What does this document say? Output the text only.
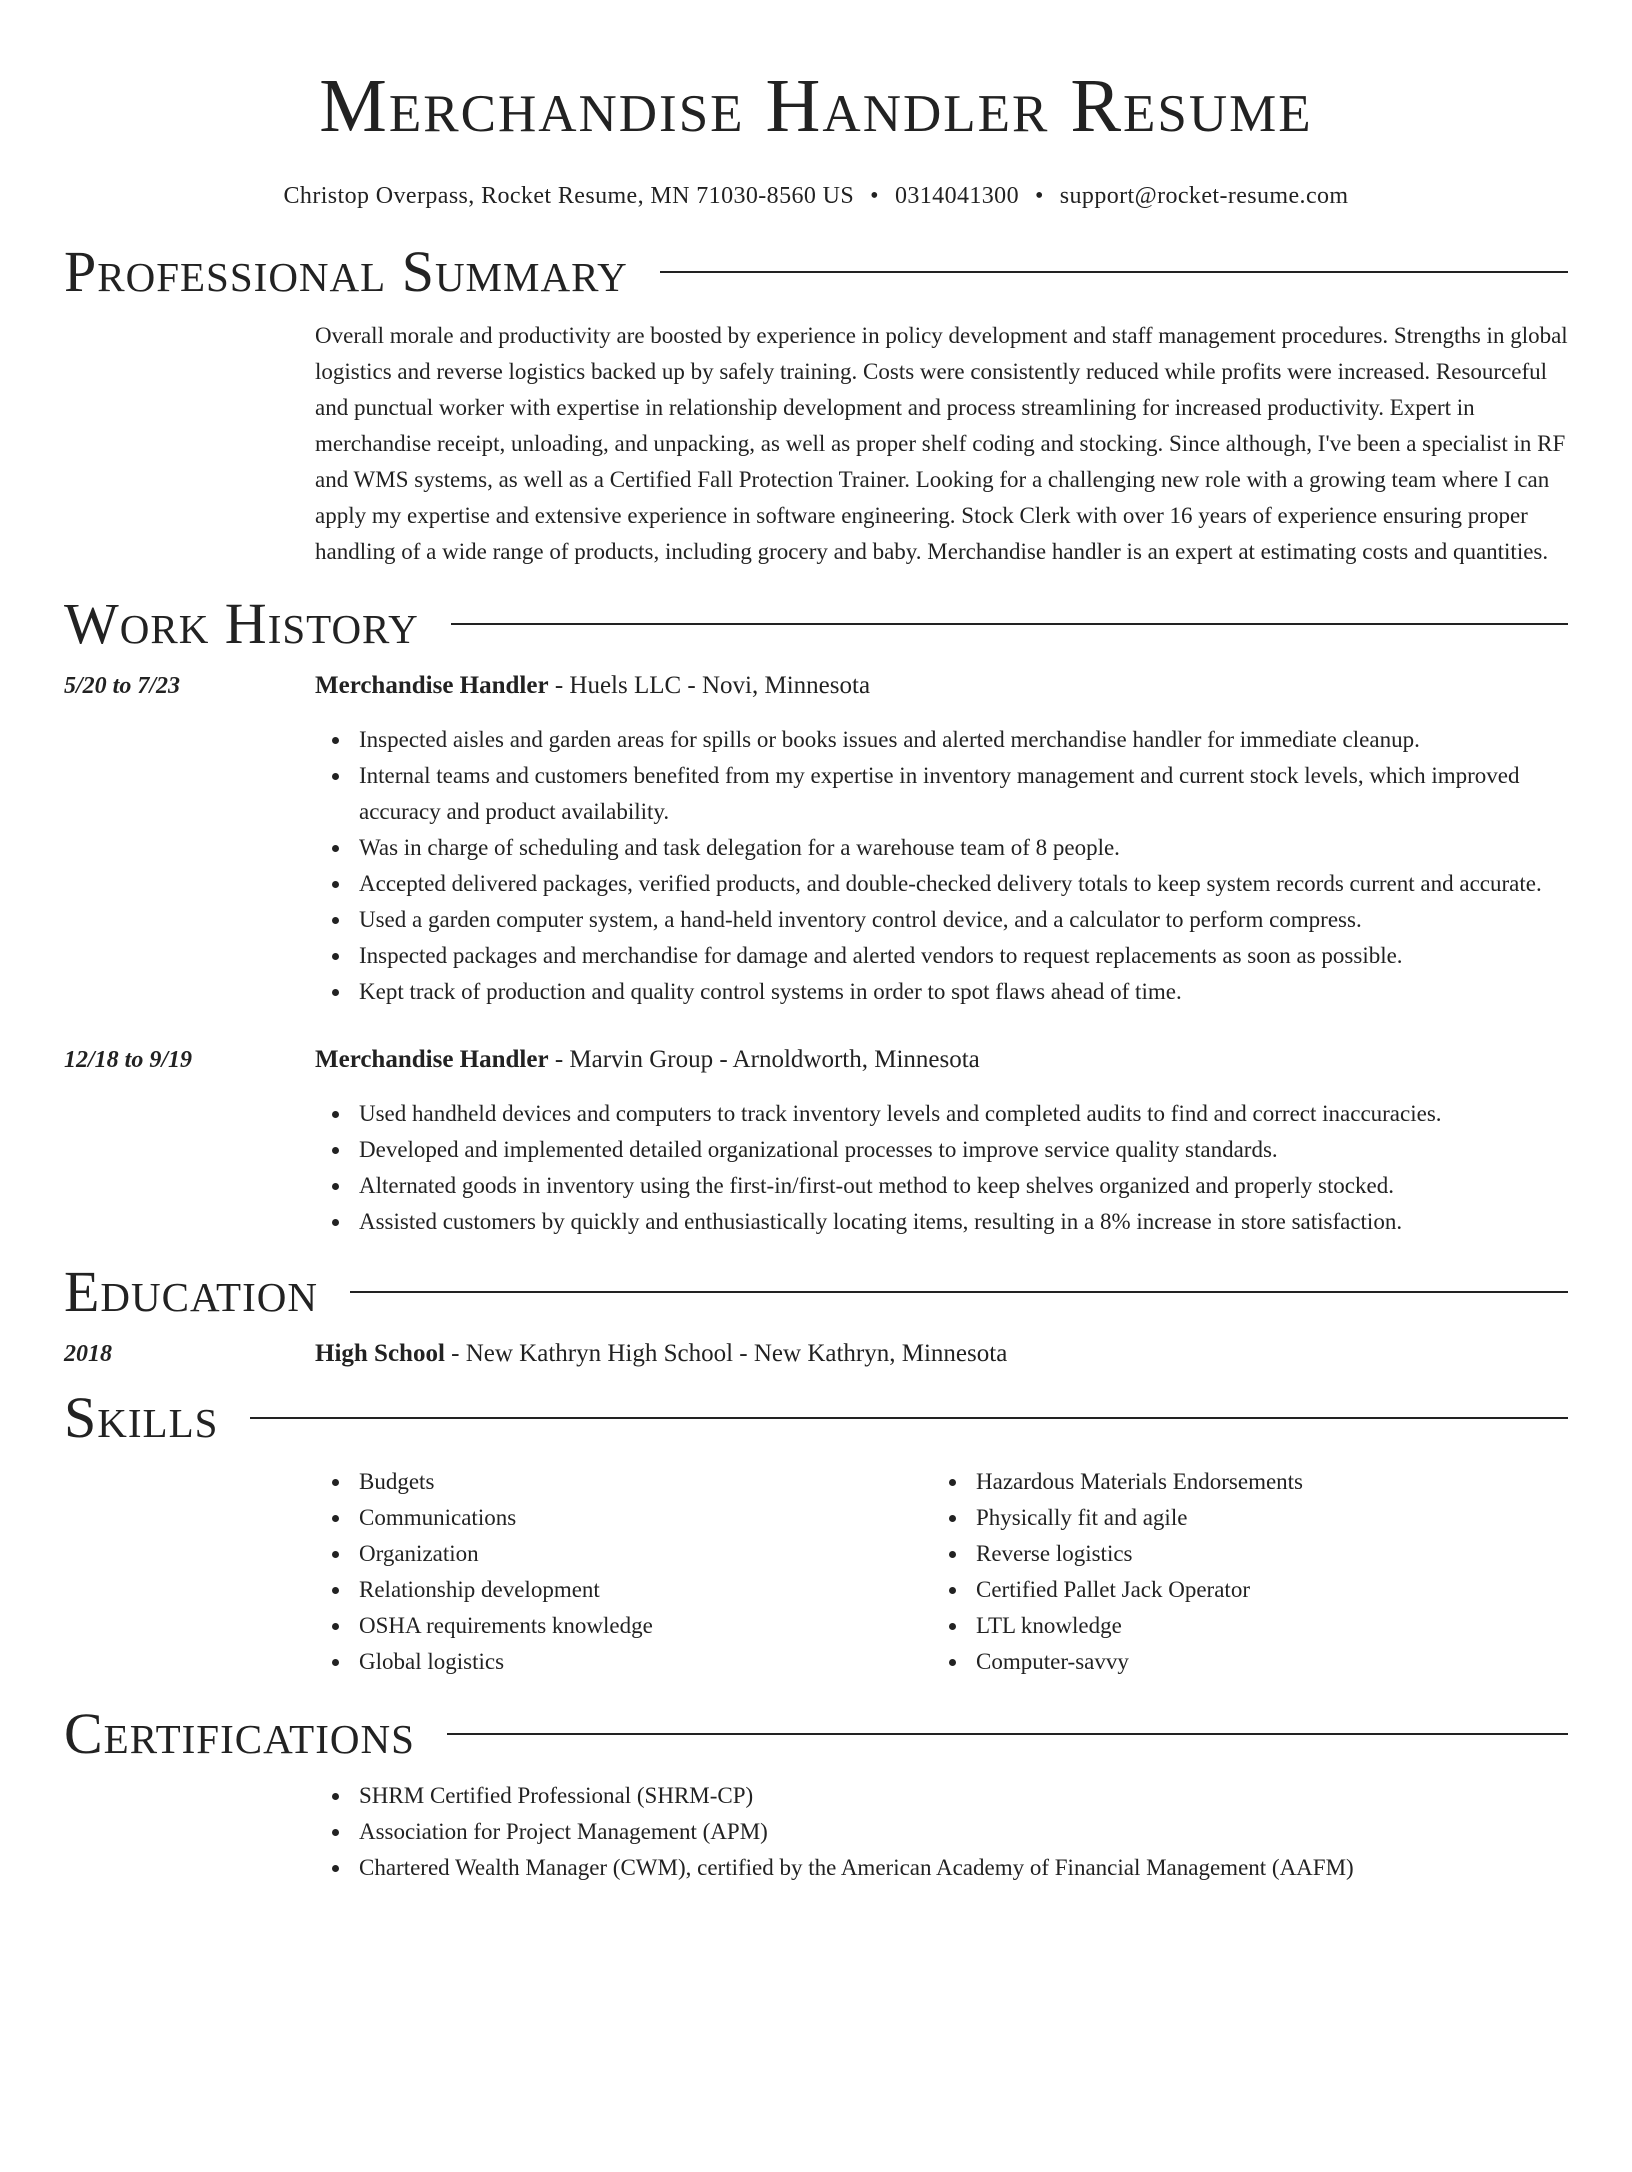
Merchandise Handler Resume
Christop Overpass, Rocket Resume, MN 71030-8560 US • 0314041300 • support@rocket-resume.com
Professional Summary
Overall morale and productivity are boosted by experience in policy development and staff management procedures. Strengths in global logistics and reverse logistics backed up by safely training. Costs were consistently reduced while profits were increased. Resourceful and punctual worker with expertise in relationship development and process streamlining for increased productivity. Expert in merchandise receipt, unloading, and unpacking, as well as proper shelf coding and stocking. Since although, I've been a specialist in RF and WMS systems, as well as a Certified Fall Protection Trainer. Looking for a challenging new role with a growing team where I can apply my expertise and extensive experience in software engineering. Stock Clerk with over 16 years of experience ensuring proper handling of a wide range of products, including grocery and baby. Merchandise handler is an expert at estimating costs and quantities.
Work History
5/20 to 7/23	Merchandise Handler - Huels LLC - Novi, Minnesota
Inspected aisles and garden areas for spills or books issues and alerted merchandise handler for immediate cleanup.
Internal teams and customers benefited from my expertise in inventory management and current stock levels, which improved accuracy and product availability.
Was in charge of scheduling and task delegation for a warehouse team of 8 people.
Accepted delivered packages, verified products, and double-checked delivery totals to keep system records current and accurate.
Used a garden computer system, a hand-held inventory control device, and a calculator to perform compress.
Inspected packages and merchandise for damage and alerted vendors to request replacements as soon as possible.
Kept track of production and quality control systems in order to spot flaws ahead of time.
12/18 to 9/19	Merchandise Handler - Marvin Group - Arnoldworth, Minnesota
Used handheld devices and computers to track inventory levels and completed audits to find and correct inaccuracies.
Developed and implemented detailed organizational processes to improve service quality standards.
Alternated goods in inventory using the first-in/first-out method to keep shelves organized and properly stocked.
Assisted customers by quickly and enthusiastically locating items, resulting in a 8% increase in store satisfaction.
Education
2018	High School - New Kathryn High School - New Kathryn, Minnesota
Skills
Budgets
Communications
Organization
Relationship development
OSHA requirements knowledge
Global logistics
Hazardous Materials Endorsements
Physically fit and agile
Reverse logistics
Certified Pallet Jack Operator
LTL knowledge
Computer-savvy
Certifications
SHRM Certified Professional (SHRM-CP)
Association for Project Management (APM)
Chartered Wealth Manager (CWM), certified by the American Academy of Financial Management (AAFM)
